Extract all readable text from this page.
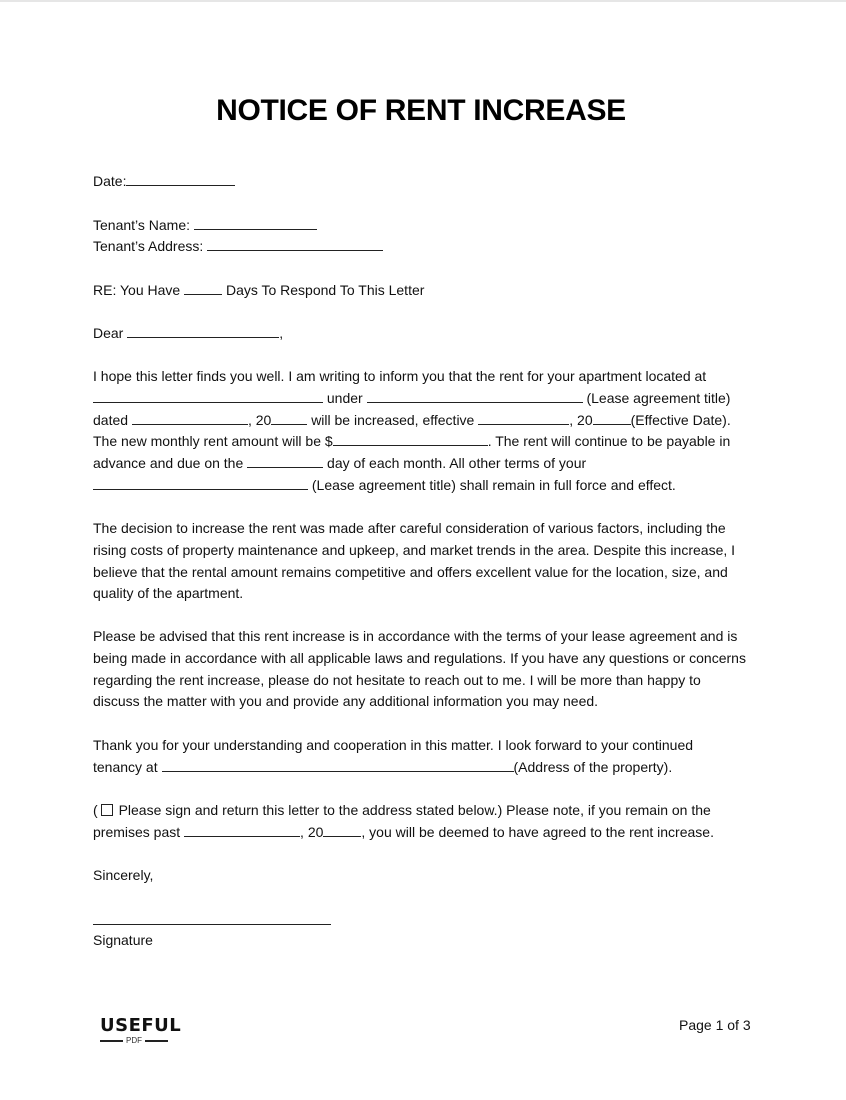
NOTICE OF RENT INCREASE

Date:

Tenant’s Name:

Tenant’s Address:

RE: You Have	Days To Respond To This Letter

Dear	,

I hope this letter finds you well. I am writing to inform you that the rent for your apartment located at
under	(Lease agreement title)
dated	, 20	will be increased, effective	, 20	(Effective Date).
The new monthly rent amount will be $	. The rent will continue to be payable in
advance and due on the	day of each month. All other terms of your
(Lease agreement title) shall remain in full force and effect.
The decision to increase the rent was made after careful consideration of various factors, including the
rising costs of property maintenance and upkeep, and market trends in the area. Despite this increase, I
believe that the rental amount remains competitive and offers excellent value for the location, size, and
quality of the apartment.
Please be advised that this rent increase is in accordance with the terms of your lease agreement and is
being made in accordance with all applicable laws and regulations. If you have any questions or concerns
regarding the rent increase, please do not hesitate to reach out to me. I will be more than happy to
discuss the matter with you and provide any additional information you may need.
Thank you for your understanding and cooperation in this matter. I look forward to your continued
tenancy at	(Address of the property).
( Please sign and return this letter to the address stated below.) Please note, if you remain on the
premises past	, 20	, you will be deemed to have agreed to the rent increase.

Sincerely,

Signature

USEFUL
PDF
Page 1 of 3
